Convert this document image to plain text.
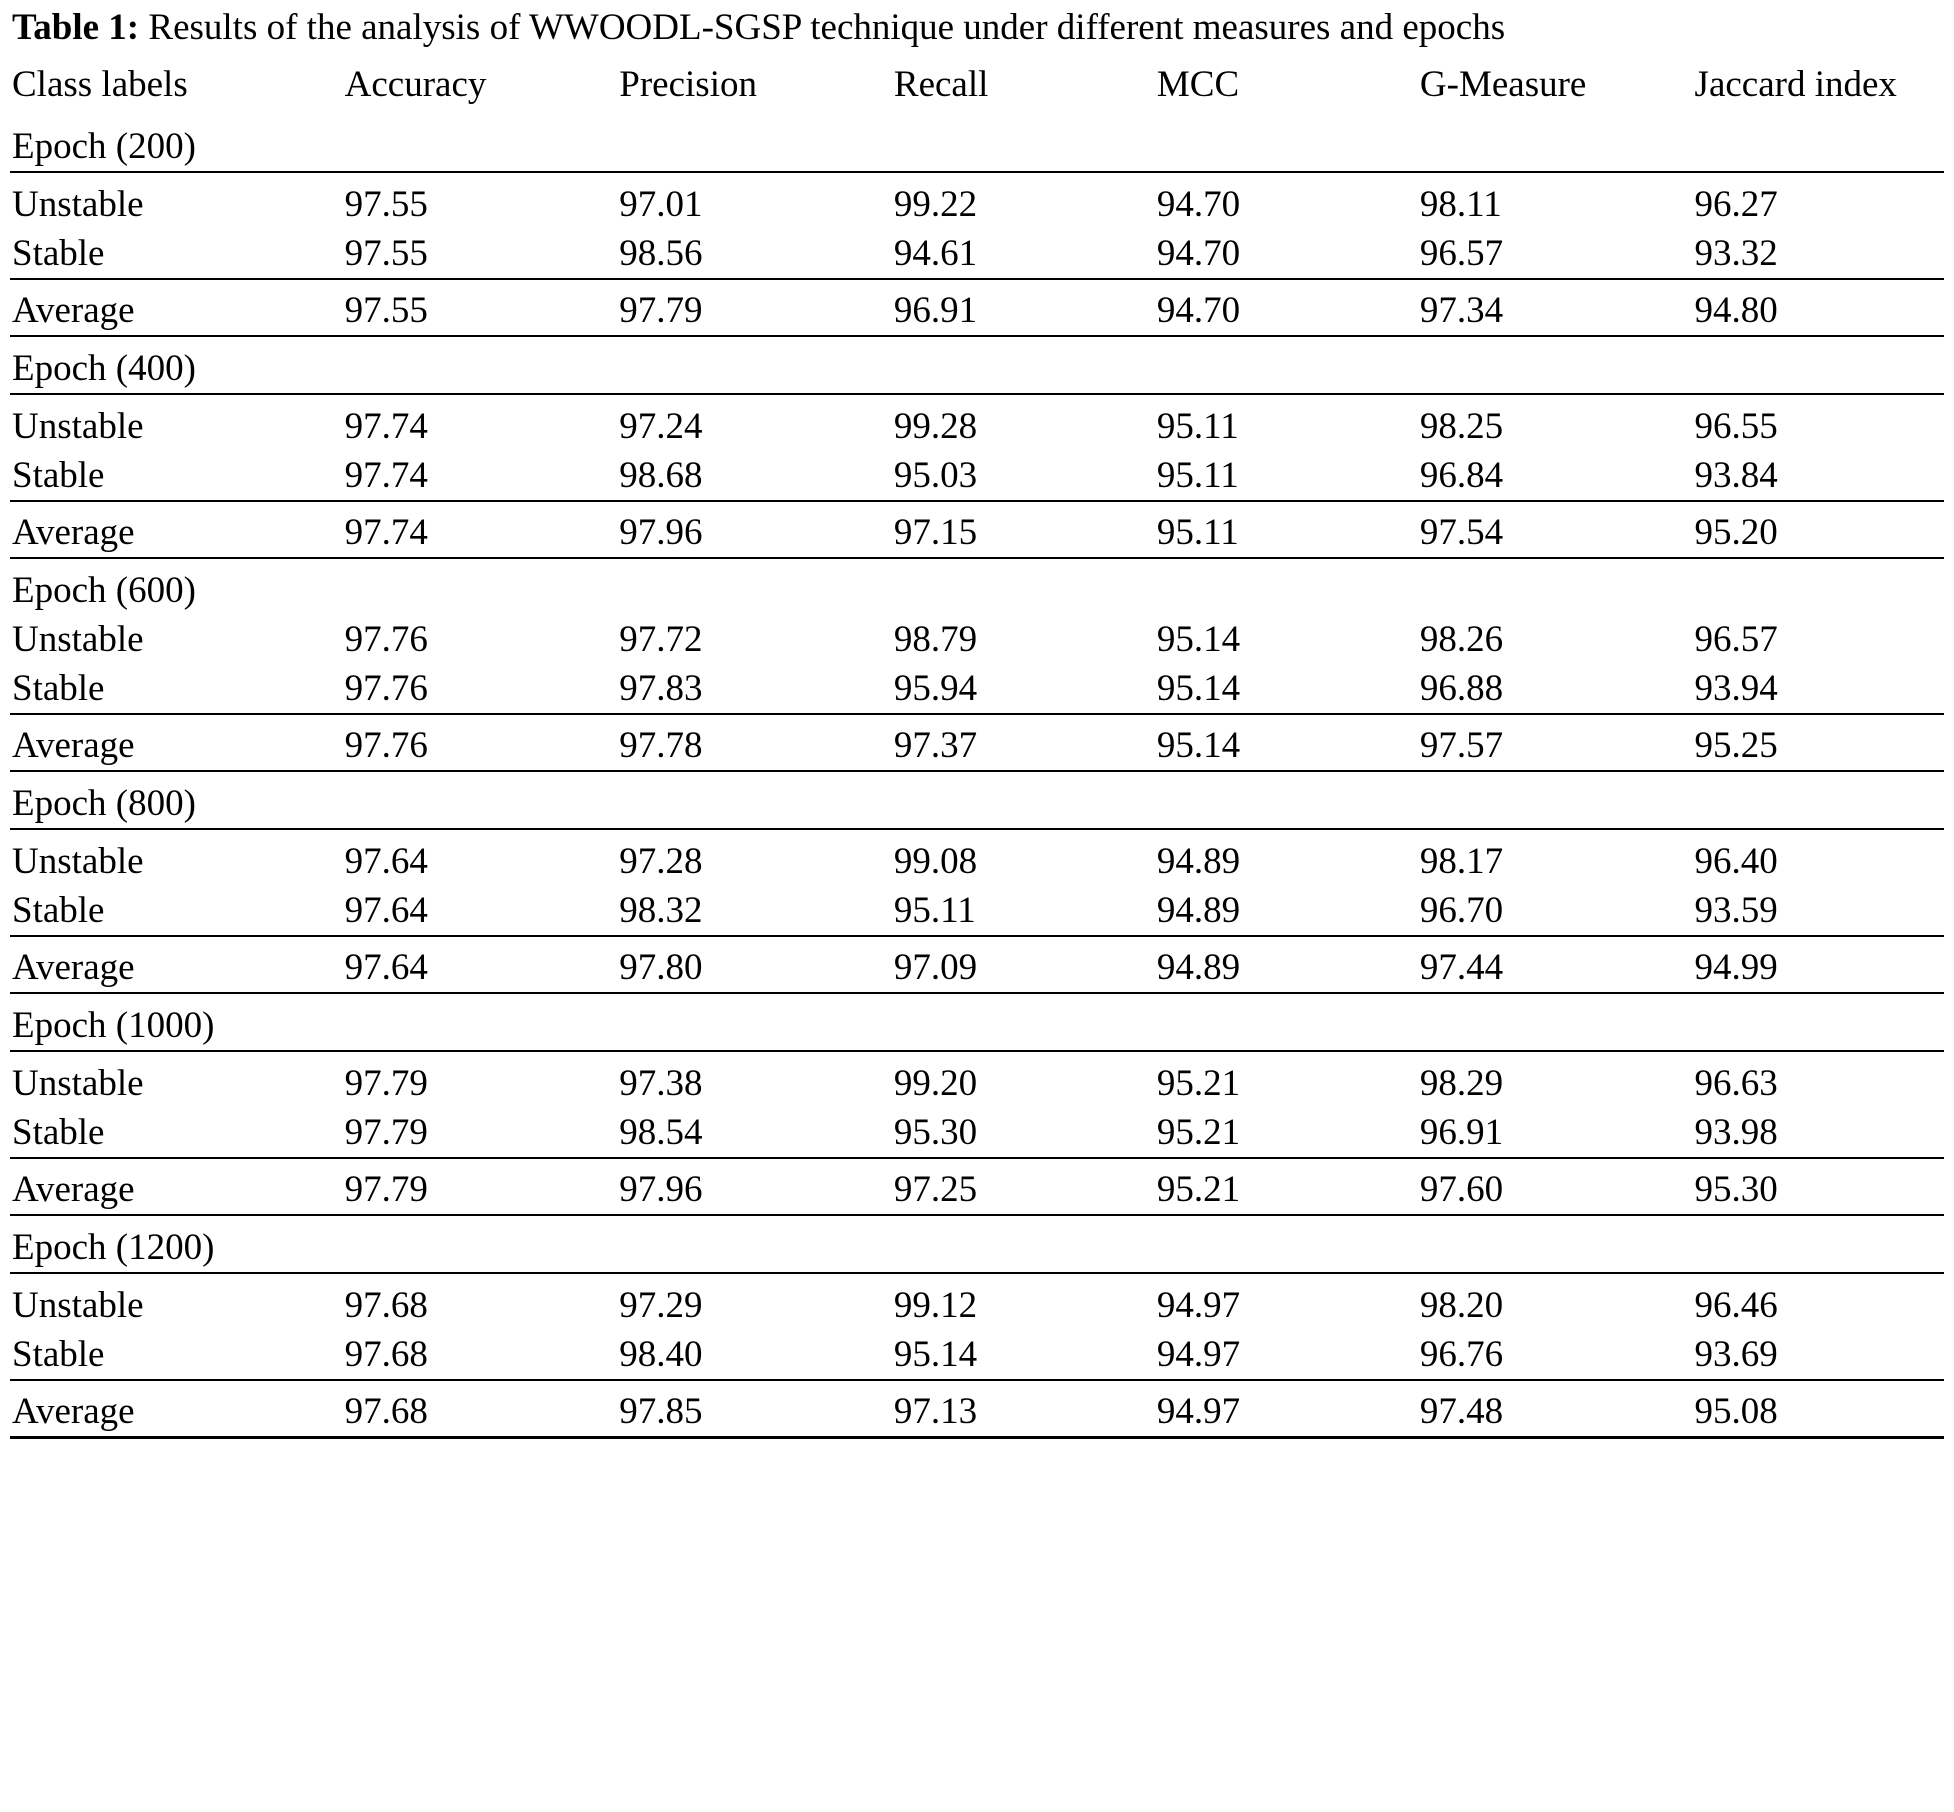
Table 1: Results of the analysis of WWOODL-SGSP technique under different measures and epochs
Class labels	Accuracy	Precision	Recall	MCC	G-Measure	Jaccard index
Epoch (200)						
Unstable	97.55	97.01	99.22	94.70	98.11	96.27
Stable	97.55	98.56	94.61	94.70	96.57	93.32
Average	97.55	97.79	96.91	94.70	97.34	94.80
Epoch (400)						
Unstable	97.74	97.24	99.28	95.11	98.25	96.55
Stable	97.74	98.68	95.03	95.11	96.84	93.84
Average	97.74	97.96	97.15	95.11	97.54	95.20
Epoch (600)						
Unstable	97.76	97.72	98.79	95.14	98.26	96.57
Stable	97.76	97.83	95.94	95.14	96.88	93.94
Average	97.76	97.78	97.37	95.14	97.57	95.25
Epoch (800)						
Unstable	97.64	97.28	99.08	94.89	98.17	96.40
Stable	97.64	98.32	95.11	94.89	96.70	93.59
Average	97.64	97.80	97.09	94.89	97.44	94.99
Epoch (1000)						
Unstable	97.79	97.38	99.20	95.21	98.29	96.63
Stable	97.79	98.54	95.30	95.21	96.91	93.98
Average	97.79	97.96	97.25	95.21	97.60	95.30
Epoch (1200)						
Unstable	97.68	97.29	99.12	94.97	98.20	96.46
Stable	97.68	98.40	95.14	94.97	96.76	93.69
Average	97.68	97.85	97.13	94.97	97.48	95.08
